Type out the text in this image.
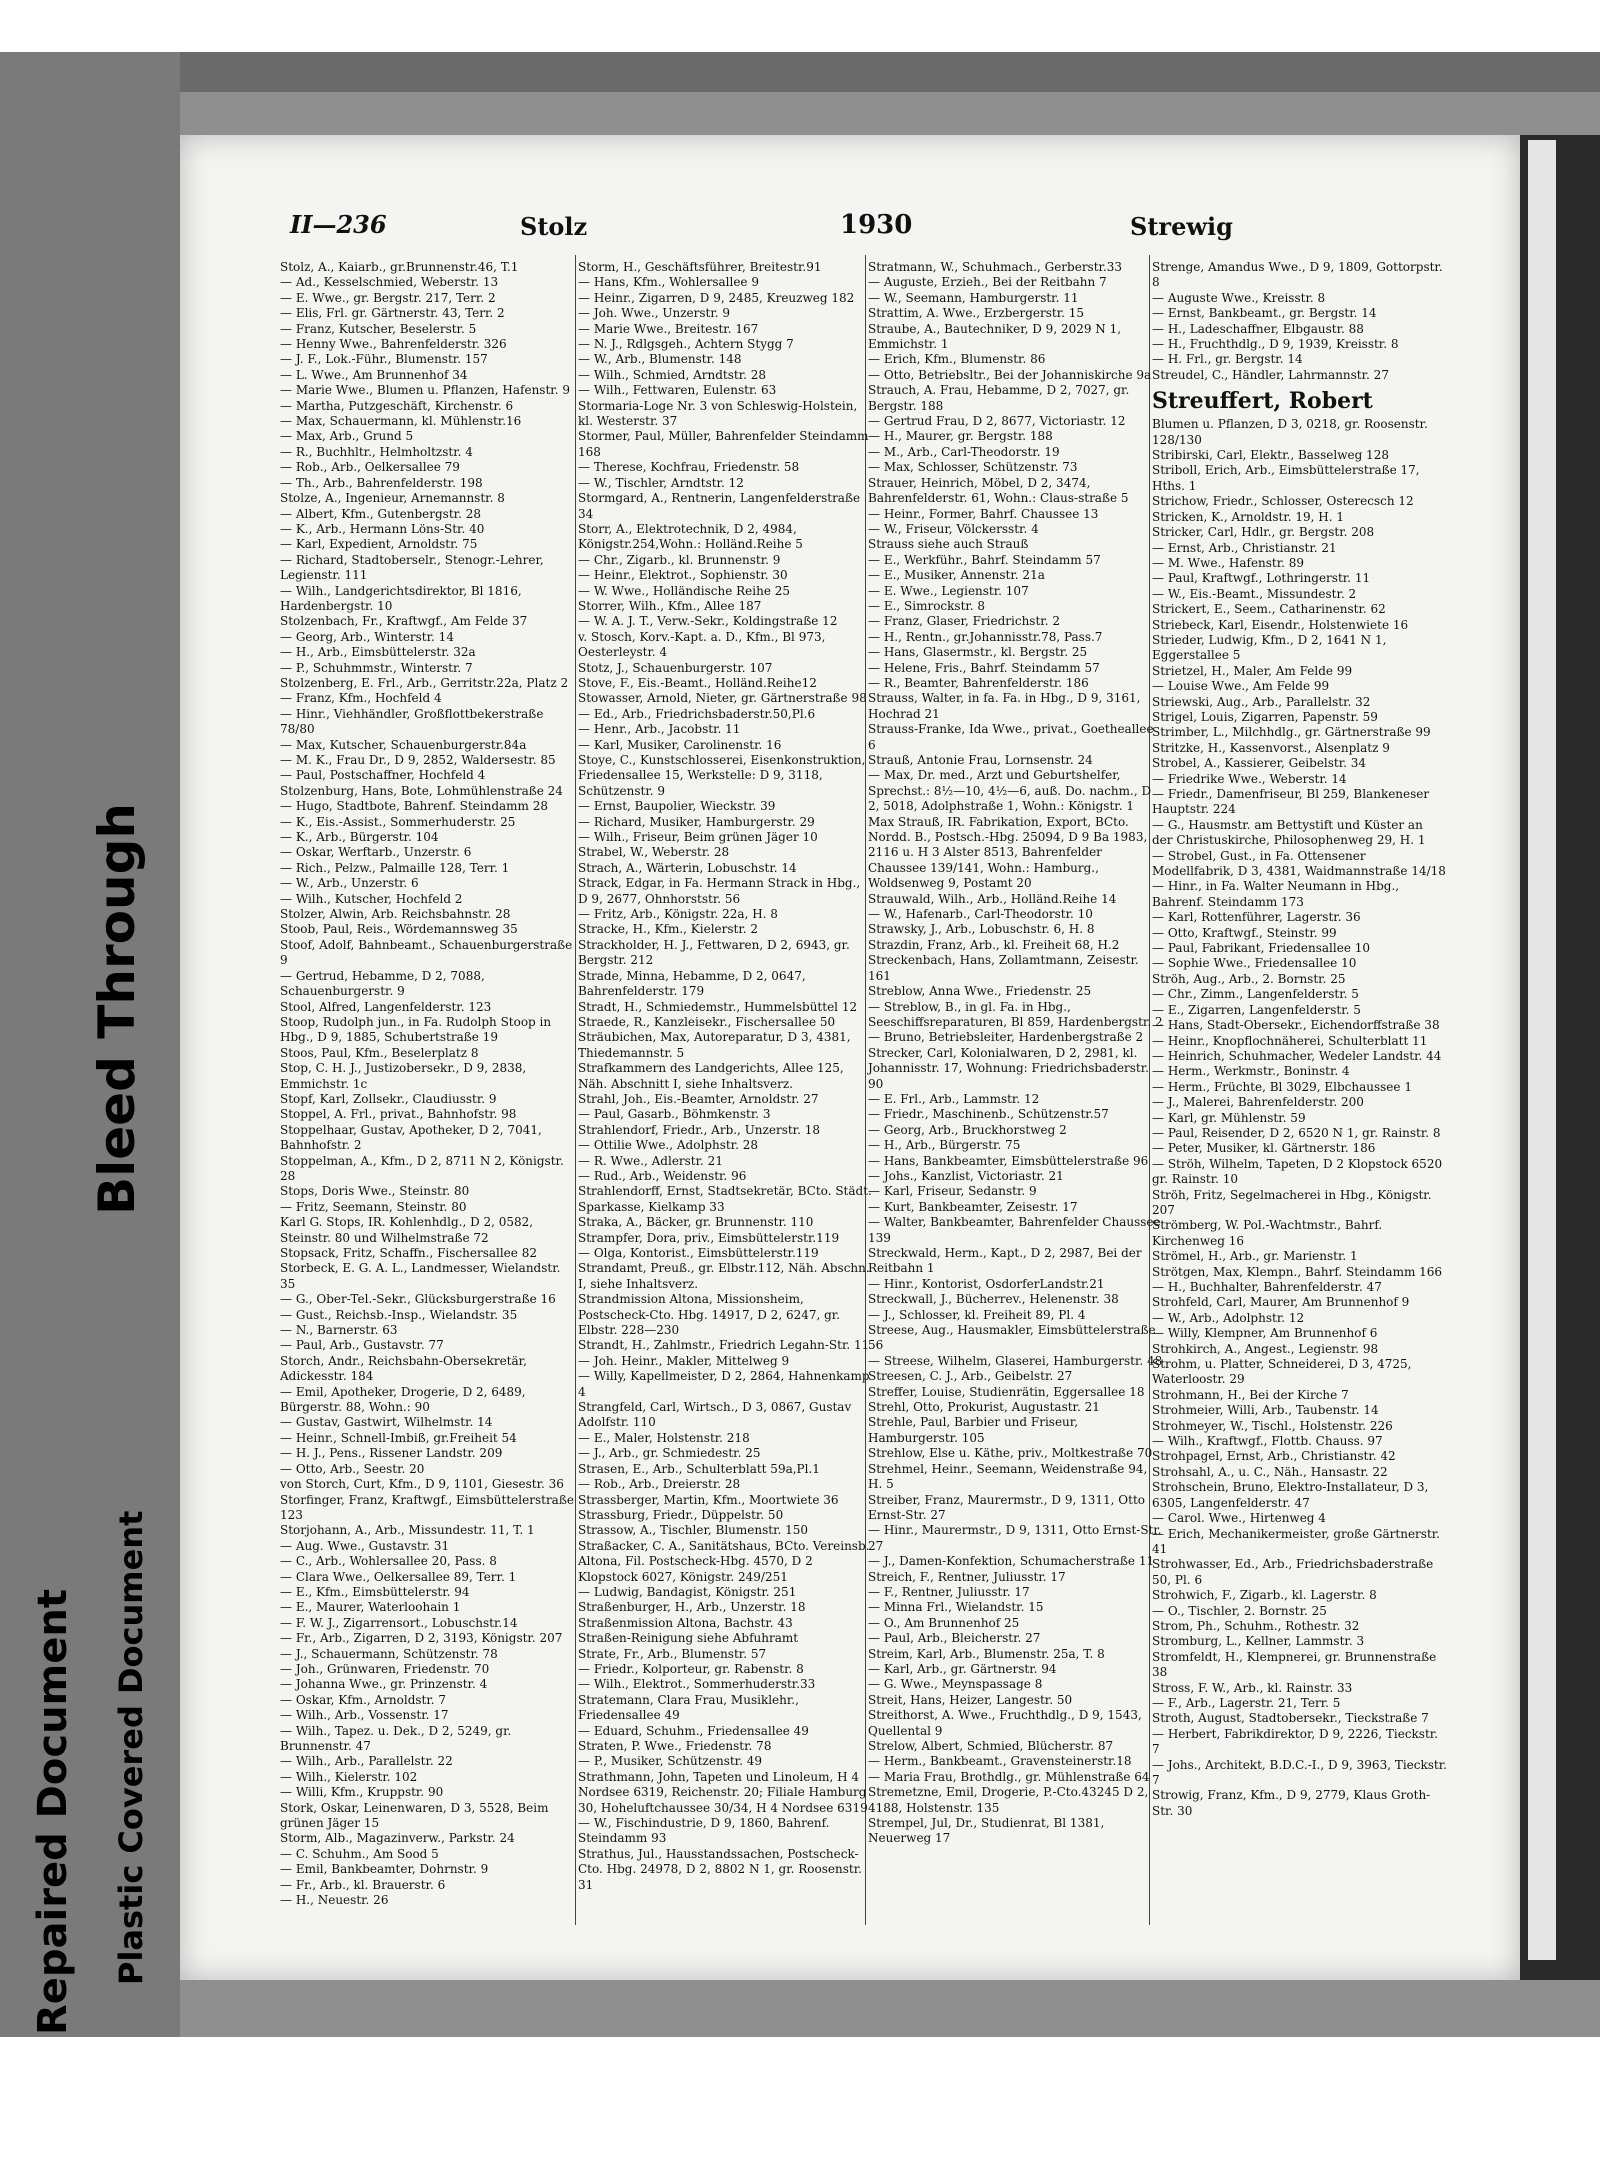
Repaired Document Plastic Covered Document
Bleed Through
II—236	Stolz	1930	Strewig
Stolz, A., Kaiarb., gr.Brunnenstr.46, T.1
— Ad., Kesselschmied, Weberstr. 13
— E. Wwe., gr. Bergstr. 217, Terr. 2
— Elis, Frl. gr. Gärtnerstr. 43, Terr. 2
— Franz, Kutscher, Beselerstr. 5
— Henny Wwe., Bahrenfelderstr. 326
— J. F., Lok.-Führ., Blumenstr. 157
— L. Wwe., Am Brunnenhof 34
— Marie Wwe., Blumen u. Pflanzen, Hafenstr. 9
— Martha, Putzgeschäft, Kirchenstr. 6
— Max, Schauermann, kl. Mühlenstr.16
— Max, Arb., Grund 5
— R., Buchhltr., Helmholtzstr. 4
— Rob., Arb., Oelkersallee 79
— Th., Arb., Bahrenfelderstr. 198
Stolze, A., Ingenieur, Arnemannstr. 8
— Albert, Kfm., Gutenbergstr. 28
— K., Arb., Hermann Löns-Str. 40
— Karl, Expedient, Arnoldstr. 75
— Richard, Stadtoberselr., Stenogr.-Lehrer, Legienstr. 111
— Wilh., Landgerichtsdirektor, Bl 1816, Hardenbergstr. 10
Stolzenbach, Fr., Kraftwgf., Am Felde 37
— Georg, Arb., Winterstr. 14
— H., Arb., Eimsbüttelerstr. 32a
— P., Schuhmmstr., Winterstr. 7
Stolzenberg, E. Frl., Arb., Gerritstr.22a, Platz 2
— Franz, Kfm., Hochfeld 4
— Hinr., Viehhändler, Großflottbekerstraße 78/80
— Max, Kutscher, Schauenburgerstr.84a
— M. K., Frau Dr., D 9, 2852, Waldersestr. 85
— Paul, Postschaffner, Hochfeld 4
Stolzenburg, Hans, Bote, Lohmühlenstraße 24
— Hugo, Stadtbote, Bahrenf. Steindamm 28
— K., Eis.-Assist., Sommerhuderstr. 25
— K., Arb., Bürgerstr. 104
— Oskar, Werftarb., Unzerstr. 6
— Rich., Pelzw., Palmaille 128, Terr. 1
— W., Arb., Unzerstr. 6
— Wilh., Kutscher, Hochfeld 2
Stolzer, Alwin, Arb. Reichsbahnstr. 28
Stoob, Paul, Reis., Wördemannsweg 35
Stoof, Adolf, Bahnbeamt., Schauenburgerstraße 9
— Gertrud, Hebamme, D 2, 7088, Schauenburgerstr. 9
Stool, Alfred, Langenfelderstr. 123
Stoop, Rudolph jun., in Fa. Rudolph Stoop in Hbg., D 9, 1885, Schubertstraße 19
Stoos, Paul, Kfm., Beselerplatz 8
Stop, C. H. J., Justizobersekr., D 9, 2838, Emmichstr. 1c
Stopf, Karl, Zollsekr., Claudiusstr. 9
Stoppel, A. Frl., privat., Bahnhofstr. 98
Stoppelhaar, Gustav, Apotheker, D 2, 7041, Bahnhofstr. 2
Stoppelman, A., Kfm., D 2, 8711 N 2, Königstr. 28
Stops, Doris Wwe., Steinstr. 80
— Fritz, Seemann, Steinstr. 80
Karl G. Stops, IR. Kohlenhdlg., D 2, 0582, Steinstr. 80 und Wilhelmstraße 72
Stopsack, Fritz, Schaffn., Fischersallee 82
Storbeck, E. G. A. L., Landmesser, Wielandstr. 35
— G., Ober-Tel.-Sekr., Glücksburgerstraße 16
— Gust., Reichsb.-Insp., Wielandstr. 35
— N., Barnerstr. 63
— Paul, Arb., Gustavstr. 77
Storch, Andr., Reichsbahn-Obersekretär, Adickesstr. 184
— Emil, Apotheker, Drogerie, D 2, 6489, Bürgerstr. 88, Wohn.: 90
— Gustav, Gastwirt, Wilhelmstr. 14
— Heinr., Schnell-Imbiß, gr.Freiheit 54
— H. J., Pens., Rissener Landstr. 209
— Otto, Arb., Seestr. 20
von Storch, Curt, Kfm., D 9, 1101, Giesestr. 36
Storfinger, Franz, Kraftwgf., Eimsbüttelerstraße 123
Storjohann, A., Arb., Missundestr. 11, T. 1
— Aug. Wwe., Gustavstr. 31
— C., Arb., Wohlersallee 20, Pass. 8
— Clara Wwe., Oelkersallee 89, Terr. 1
— E., Kfm., Eimsbüttelerstr. 94
— E., Maurer, Waterloohain 1
— F. W. J., Zigarrensort., Lobuschstr.14
— Fr., Arb., Zigarren, D 2, 3193, Königstr. 207
— J., Schauermann, Schützenstr. 78
— Joh., Grünwaren, Friedenstr. 70
— Johanna Wwe., gr. Prinzenstr. 4
— Oskar, Kfm., Arnoldstr. 7
— Wilh., Arb., Vossenstr. 17
— Wilh., Tapez. u. Dek., D 2, 5249, gr. Brunnenstr. 47
— Wilh., Arb., Parallelstr. 22
— Wilh., Kielerstr. 102
— Willi, Kfm., Kruppstr. 90
Stork, Oskar, Leinenwaren, D 3, 5528, Beim grünen Jäger 15
Storm, Alb., Magazinverw., Parkstr. 24
— C. Schuhm., Am Sood 5
— Emil, Bankbeamter, Dohrnstr. 9
— Fr., Arb., kl. Brauerstr. 6
— H., Neuestr. 26
Storm, H., Geschäftsführer, Breitestr.91
— Hans, Kfm., Wohlersallee 9
— Heinr., Zigarren, D 9, 2485, Kreuzweg 182
— Joh. Wwe., Unzerstr. 9
— Marie Wwe., Breitestr. 167
— N. J., Rdlgsgeh., Achtern Stygg 7
— W., Arb., Blumenstr. 148
— Wilh., Schmied, Arndtstr. 28
— Wilh., Fettwaren, Eulenstr. 63
Stormaria-Loge Nr. 3 von Schleswig-Holstein, kl. Westerstr. 37
Stormer, Paul, Müller, Bahrenfelder Steindamm 168
— Therese, Kochfrau, Friedenstr. 58
— W., Tischler, Arndtstr. 12
Stormgard, A., Rentnerin, Langenfelderstraße 34
Storr, A., Elektrotechnik, D 2, 4984, Königstr.254,Wohn.: Holländ.Reihe 5
— Chr., Zigarb., kl. Brunnenstr. 9
— Heinr., Elektrot., Sophienstr. 30
— W. Wwe., Holländische Reihe 25
Storrer, Wilh., Kfm., Allee 187
— W. A. J. T., Verw.-Sekr., Koldingstraße 12
v. Stosch, Korv.-Kapt. a. D., Kfm., Bl 973, Oesterleystr. 4
Stotz, J., Schauenburgerstr. 107
Stove, F., Eis.-Beamt., Holländ.Reihe12
Stowasser, Arnold, Nieter, gr. Gärtnerstraße 98
— Ed., Arb., Friedrichsbaderstr.50,Pl.6
— Henr., Arb., Jacobstr. 11
— Karl, Musiker, Carolinenstr. 16
Stoye, C., Kunstschlosserei, Eisenkonstruktion, Friedensallee 15, Werkstelle: D 9, 3118, Schützenstr. 9
— Ernst, Baupolier, Wieckstr. 39
— Richard, Musiker, Hamburgerstr. 29
— Wilh., Friseur, Beim grünen Jäger 10
Strabel, W., Weberstr. 28
Strach, A., Wärterin, Lobuschstr. 14
Strack, Edgar, in Fa. Hermann Strack in Hbg., D 9, 2677, Ohnhorststr. 56
— Fritz, Arb., Königstr. 22a, H. 8
Stracke, H., Kfm., Kielerstr. 2
Strackholder, H. J., Fettwaren, D 2, 6943, gr. Bergstr. 212
Strade, Minna, Hebamme, D 2, 0647, Bahrenfelderstr. 179
Stradt, H., Schmiedemstr., Hummelsbüttel 12
Straede, R., Kanzleisekr., Fischersallee 50
Sträubichen, Max, Autoreparatur, D 3, 4381, Thiedemannstr. 5
Strafkammern des Landgerichts, Allee 125, Näh. Abschnitt I, siehe Inhaltsverz.
Strahl, Joh., Eis.-Beamter, Arnoldstr. 27
— Paul, Gasarb., Böhmkenstr. 3
Strahlendorf, Friedr., Arb., Unzerstr. 18
— Ottilie Wwe., Adolphstr. 28
— R. Wwe., Adlerstr. 21
— Rud., Arb., Weidenstr. 96
Strahlendorff, Ernst, Stadtsekretär, BCto. Städt. Sparkasse, Kielkamp 33
Straka, A., Bäcker, gr. Brunnenstr. 110
Strampfer, Dora, priv., Eimsbüttelerstr.119
— Olga, Kontorist., Eimsbüttelerstr.119
Strandamt, Preuß., gr. Elbstr.112, Näh. Abschn. I, siehe Inhaltsverz.
Strandmission Altona, Missionsheim, Postscheck-Cto. Hbg. 14917, D 2, 6247, gr. Elbstr. 228—230
Strandt, H., Zahlmstr., Friedrich Legahn-Str. 11
— Joh. Heinr., Makler, Mittelweg 9
— Willy, Kapellmeister, D 2, 2864, Hahnenkamp 4
Strangfeld, Carl, Wirtsch., D 3, 0867, Gustav Adolfstr. 110
— E., Maler, Holstenstr. 218
— J., Arb., gr. Schmiedestr. 25
Strasen, E., Arb., Schulterblatt 59a,Pl.1
— Rob., Arb., Dreierstr. 28
Strassberger, Martin, Kfm., Moortwiete 36
Strassburg, Friedr., Düppelstr. 50
Strassow, A., Tischler, Blumenstr. 150
Straßacker, C. A., Sanitätshaus, BCto. Vereinsb. Altona, Fil. Postscheck-Hbg. 4570, D 2 Klopstock 6027, Königstr. 249/251
— Ludwig, Bandagist, Königstr. 251
Straßenburger, H., Arb., Unzerstr. 18
Straßenmission Altona, Bachstr. 43
Straßen-Reinigung siehe Abfuhramt
Strate, Fr., Arb., Blumenstr. 57
— Friedr., Kolporteur, gr. Rabenstr. 8
— Wilh., Elektrot., Sommerhuderstr.33
Stratemann, Clara Frau, Musiklehr., Friedensallee 49
— Eduard, Schuhm., Friedensallee 49
Straten, P. Wwe., Friedenstr. 78
— P., Musiker, Schützenstr. 49
Strathmann, John, Tapeten und Linoleum, H 4 Nordsee 6319, Reichenstr. 20; Filiale Hamburg 30, Hoheluftchaussee 30/34, H 4 Nordsee 6319
— W., Fischindustrie, D 9, 1860, Bahrenf. Steindamm 93
Strathus, Jul., Hausstandssachen, Postscheck-Cto. Hbg. 24978, D 2, 8802 N 1, gr. Roosenstr. 31
Stratmann, W., Schuhmach., Gerberstr.33
— Auguste, Erzieh., Bei der Reitbahn 7
— W., Seemann, Hamburgerstr. 11
Strattim, A. Wwe., Erzbergerstr. 15
Straube, A., Bautechniker, D 9, 2029 N 1, Emmichstr. 1
— Erich, Kfm., Blumenstr. 86
— Otto, Betriebsltr., Bei der Johanniskirche 9a
Strauch, A. Frau, Hebamme, D 2, 7027, gr. Bergstr. 188
— Gertrud Frau, D 2, 8677, Victoriastr. 12
— H., Maurer, gr. Bergstr. 188
— M., Arb., Carl-Theodorstr. 19
— Max, Schlosser, Schützenstr. 73
Strauer, Heinrich, Möbel, D 2, 3474, Bahrenfelderstr. 61, Wohn.: Claus-straße 5
— Heinr., Former, Bahrf. Chaussee 13
— W., Friseur, Völckersstr. 4
Strauss siehe auch Strauß
— E., Werkführ., Bahrf. Steindamm 57
— E., Musiker, Annenstr. 21a
— E. Wwe., Legienstr. 107
— E., Simrockstr. 8
— Franz, Glaser, Friedrichstr. 2
— H., Rentn., gr.Johannisstr.78, Pass.7
— Hans, Glasermstr., kl. Bergstr. 25
— Helene, Fris., Bahrf. Steindamm 57
— R., Beamter, Bahrenfelderstr. 186
Strauss, Walter, in fa. Fa. in Hbg., D 9, 3161, Hochrad 21
Strauss-Franke, Ida Wwe., privat., Goetheallee 6
Strauß, Antonie Frau, Lornsenstr. 24
— Max, Dr. med., Arzt und Geburtshelfer, Sprechst.: 8½—10, 4½—6, auß. Do. nachm., D 2, 5018, Adolphstraße 1, Wohn.: Königstr. 1
Max Strauß, IR. Fabrikation, Export, BCto. Nordd. B., Postsch.-Hbg. 25094, D 9 Ba 1983, 2116 u. H 3 Alster 8513, Bahrenfelder Chaussee 139/141, Wohn.: Hamburg., Woldsenweg 9, Postamt 20
Strauwald, Wilh., Arb., Holländ.Reihe 14
— W., Hafenarb., Carl-Theodorstr. 10
Strawsky, J., Arb., Lobuschstr. 6, H. 8
Strazdin, Franz, Arb., kl. Freiheit 68, H.2
Streckenbach, Hans, Zollamtmann, Zeisestr. 161
Streblow, Anna Wwe., Friedenstr. 25
— Streblow, B., in gl. Fa. in Hbg., Seeschiffsreparaturen, Bl 859, Hardenbergstr. 2
— Bruno, Betriebsleiter, Hardenbergstraße 2
Strecker, Carl, Kolonialwaren, D 2, 2981, kl. Johannisstr. 17, Wohnung: Friedrichsbaderstr. 90
— E. Frl., Arb., Lammstr. 12
— Friedr., Maschinenb., Schützenstr.57
— Georg, Arb., Bruckhorstweg 2
— H., Arb., Bürgerstr. 75
— Hans, Bankbeamter, Eimsbüttelerstraße 96
— Johs., Kanzlist, Victoriastr. 21
— Karl, Friseur, Sedanstr. 9
— Kurt, Bankbeamter, Zeisestr. 17
— Walter, Bankbeamter, Bahrenfelder Chaussee 139
Streckwald, Herm., Kapt., D 2, 2987, Bei der Reitbahn 1
— Hinr., Kontorist, OsdorferLandstr.21
Streckwall, J., Bücherrev., Helenenstr. 38
— J., Schlosser, kl. Freiheit 89, Pl. 4
Streese, Aug., Hausmakler, Eimsbüttelerstraße 56
— Streese, Wilhelm, Glaserei, Hamburgerstr. 48
Streesen, C. J., Arb., Geibelstr. 27
Streffer, Louise, Studienrätin, Eggersallee 18
Strehl, Otto, Prokurist, Augustastr. 21
Strehle, Paul, Barbier und Friseur, Hamburgerstr. 105
Strehlow, Else u. Käthe, priv., Moltkestraße 70
Strehmel, Heinr., Seemann, Weidenstraße 94, H. 5
Streiber, Franz, Maurermstr., D 9, 1311, Otto Ernst-Str. 27
— Hinr., Maurermstr., D 9, 1311, Otto Ernst-Str. 27
— J., Damen-Konfektion, Schumacherstraße 11
Streich, F., Rentner, Juliusstr. 17
— F., Rentner, Juliusstr. 17
— Minna Frl., Wielandstr. 15
— O., Am Brunnenhof 25
— Paul, Arb., Bleicherstr. 27
Streim, Karl, Arb., Blumenstr. 25a, T. 8
— Karl, Arb., gr. Gärtnerstr. 94
— G. Wwe., Meynspassage 8
Streit, Hans, Heizer, Langestr. 50
Streithorst, A. Wwe., Fruchthdlg., D 9, 1543, Quellental 9
Strelow, Albert, Schmied, Blücherstr. 87
— Herm., Bankbeamt., Gravensteinerstr.18
— Maria Frau, Brothdlg., gr. Mühlenstraße 64
Stremetzne, Emil, Drogerie, P.-Cto.43245 D 2, 4188, Holstenstr. 135
Strempel, Jul, Dr., Studienrat, Bl 1381, Neuerweg 17
Strenge, Amandus Wwe., D 9, 1809, Gottorpstr. 8
— Auguste Wwe., Kreisstr. 8
— Ernst, Bankbeamt., gr. Bergstr. 14
— H., Ladeschaffner, Elbgaustr. 88
— H., Fruchthdlg., D 9, 1939, Kreisstr. 8
— H. Frl., gr. Bergstr. 14
Streudel, C., Händler, Lahrmannstr. 27
Streuffert, Robert
Blumen u. Pflanzen, D 3, 0218, gr. Roosenstr. 128/130
Stribirski, Carl, Elektr., Basselweg 128
Striboll, Erich, Arb., Eimsbüttelerstraße 17, Hths. 1
Strichow, Friedr., Schlosser, Osterecsch 12
Stricken, K., Arnoldstr. 19, H. 1
Stricker, Carl, Hdlr., gr. Bergstr. 208
— Ernst, Arb., Christianstr. 21
— M. Wwe., Hafenstr. 89
— Paul, Kraftwgf., Lothringerstr. 11
— W., Eis.-Beamt., Missundestr. 2
Strickert, E., Seem., Catharinenstr. 62
Striebeck, Karl, Eisendr., Holstenwiete 16
Strieder, Ludwig, Kfm., D 2, 1641 N 1, Eggerstallee 5
Strietzel, H., Maler, Am Felde 99
— Louise Wwe., Am Felde 99
Striewski, Aug., Arb., Parallelstr. 32
Strigel, Louis, Zigarren, Papenstr. 59
Strimber, L., Milchhdlg., gr. Gärtnerstraße 99
Stritzke, H., Kassenvorst., Alsenplatz 9
Strobel, A., Kassierer, Geibelstr. 34
— Friedrike Wwe., Weberstr. 14
— Friedr., Damenfriseur, Bl 259, Blankeneser Hauptstr. 224
— G., Hausmstr. am Bettystift und Küster an der Christuskirche, Philosophenweg 29, H. 1
— Strobel, Gust., in Fa. Ottensener Modellfabrik, D 3, 4381, Waidmannstraße 14/18
— Hinr., in Fa. Walter Neumann in Hbg., Bahrenf. Steindamm 173
— Karl, Rottenführer, Lagerstr. 36
— Otto, Kraftwgf., Steinstr. 99
— Paul, Fabrikant, Friedensallee 10
— Sophie Wwe., Friedensallee 10
Ströh, Aug., Arb., 2. Bornstr. 25
— Chr., Zimm., Langenfelderstr. 5
— E., Zigarren, Langenfelderstr. 5
— Hans, Stadt-Obersekr., Eichendorffstraße 38
— Heinr., Knopflochnäherei, Schulterblatt 11
— Heinrich, Schuhmacher, Wedeler Landstr. 44
— Herm., Werkmstr., Boninstr. 4
— Herm., Früchte, Bl 3029, Elbchaussee 1
— J., Malerei, Bahrenfelderstr. 200
— Karl, gr. Mühlenstr. 59
— Paul, Reisender, D 2, 6520 N 1, gr. Rainstr. 8
— Peter, Musiker, kl. Gärtnerstr. 186
— Ströh, Wilhelm, Tapeten, D 2 Klopstock 6520 gr. Rainstr. 10
Ströh, Fritz, Segelmacherei in Hbg., Königstr. 207
Strömberg, W. Pol.-Wachtmstr., Bahrf. Kirchenweg 16
Strömel, H., Arb., gr. Marienstr. 1
Strötgen, Max, Klempn., Bahrf. Steindamm 166
— H., Buchhalter, Bahrenfelderstr. 47
Strohfeld, Carl, Maurer, Am Brunnenhof 9
— W., Arb., Adolphstr. 12
— Willy, Klempner, Am Brunnenhof 6
Strohkirch, A., Angest., Legienstr. 98
Strohm, u. Platter, Schneiderei, D 3, 4725, Waterloostr. 29
Strohmann, H., Bei der Kirche 7
Strohmeier, Willi, Arb., Taubenstr. 14
Strohmeyer, W., Tischl., Holstenstr. 226
— Wilh., Kraftwgf., Flottb. Chauss. 97
Strohpagel, Ernst, Arb., Christianstr. 42
Strohsahl, A., u. C., Näh., Hansastr. 22
Strohschein, Bruno, Elektro-Installateur, D 3, 6305, Langenfelderstr. 47
— Carol. Wwe., Hirtenweg 4
— Erich, Mechanikermeister, große Gärtnerstr. 41
Strohwasser, Ed., Arb., Friedrichsbaderstraße 50, Pl. 6
Strohwich, F., Zigarb., kl. Lagerstr. 8
— O., Tischler, 2. Bornstr. 25
Strom, Ph., Schuhm., Rothestr. 32
Stromburg, L., Kellner, Lammstr. 3
Stromfeldt, H., Klempnerei, gr. Brunnenstraße 38
Stross, F. W., Arb., kl. Rainstr. 33
— F., Arb., Lagerstr. 21, Terr. 5
Stroth, August, Stadtobersekr., Tieckstraße 7
— Herbert, Fabrikdirektor, D 9, 2226, Tieckstr. 7
— Johs., Architekt, B.D.C.-I., D 9, 3963, Tieckstr. 7
Strowig, Franz, Kfm., D 9, 2779, Klaus Groth-Str. 30
